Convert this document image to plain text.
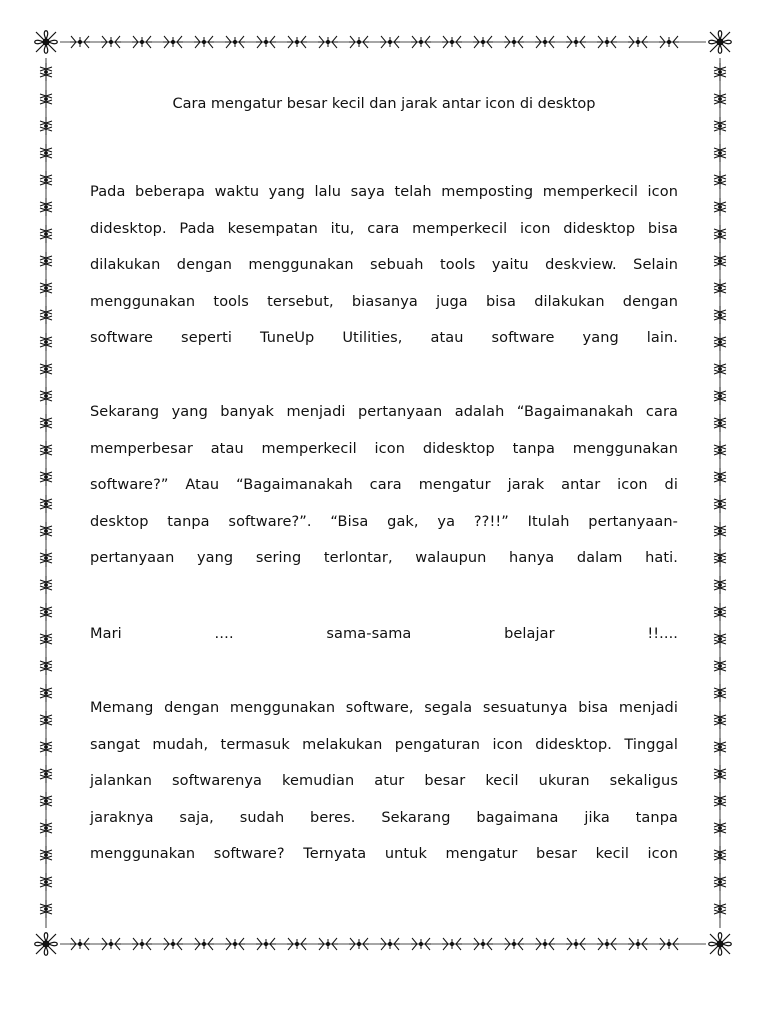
Cara mengatur besar kecil dan jarak antar icon di desktop
Pada beberapa waktu yang lalu saya telah memposting memperkecil icon
didesktop. Pada kesempatan itu, cara memperkecil icon didesktop bisa
dilakukan dengan menggunakan sebuah tools yaitu deskview. Selain
menggunakan tools tersebut, biasanya juga bisa dilakukan dengan
software seperti TuneUp Utilities, atau software yang lain.
Sekarang yang banyak menjadi pertanyaan adalah “Bagaimanakah cara
memperbesar atau memperkecil icon didesktop tanpa menggunakan
software?” Atau “Bagaimanakah cara mengatur jarak antar icon di
desktop tanpa software?”. “Bisa gak, ya ??!!” Itulah pertanyaan-
pertanyaan yang sering terlontar, walaupun hanya dalam hati.
Mari …. sama-sama belajar !!....
Memang dengan menggunakan software, segala sesuatunya bisa menjadi
sangat mudah, termasuk melakukan pengaturan icon didesktop. Tinggal
jalankan softwarenya kemudian atur besar kecil ukuran sekaligus
jaraknya saja, sudah beres. Sekarang bagaimana jika tanpa
menggunakan software? Ternyata untuk mengatur besar kecil icon
